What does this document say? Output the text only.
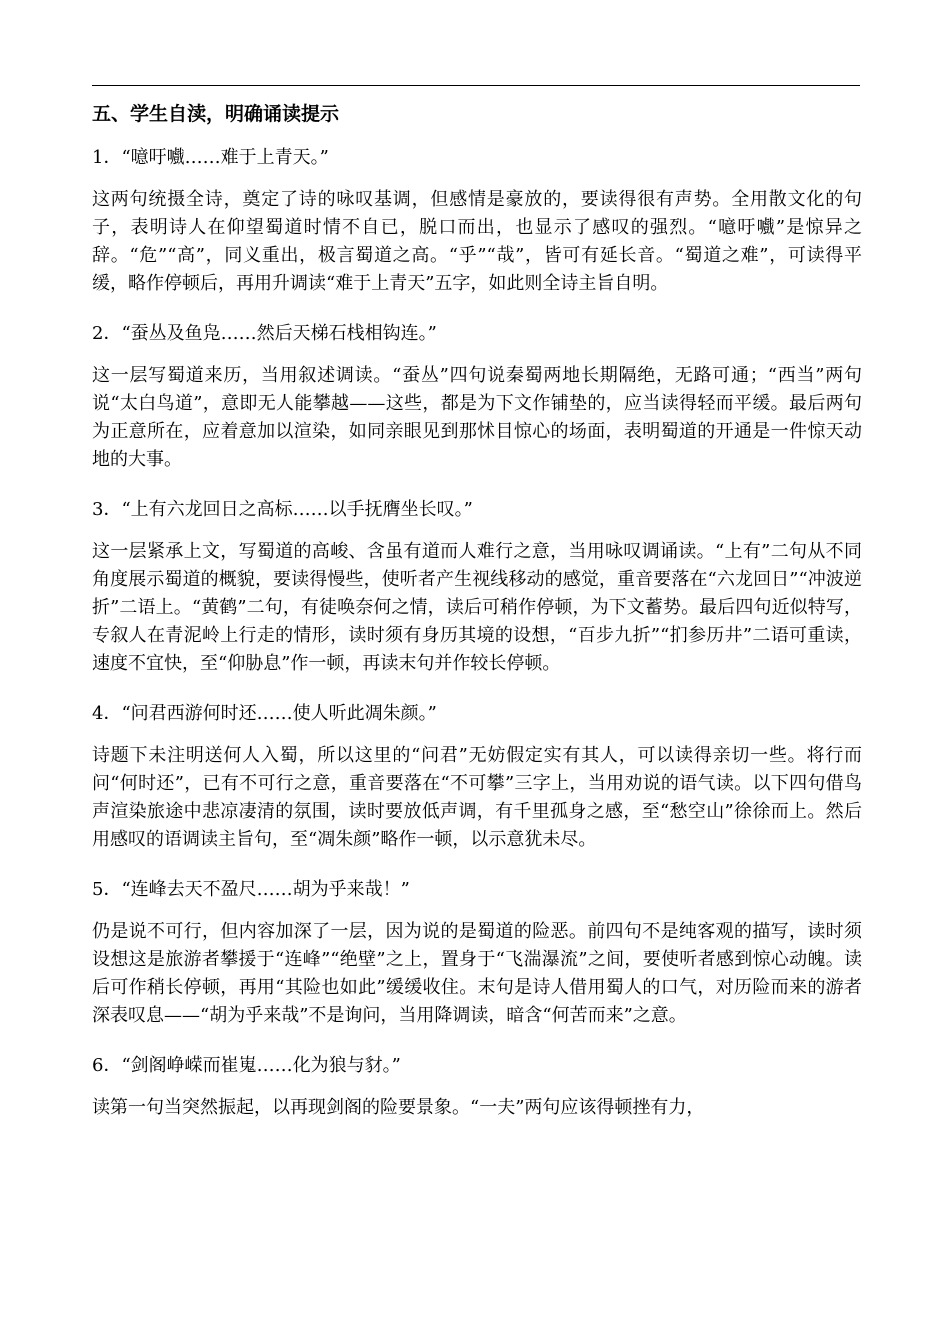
五、学生自渎，明确诵读提示
1．“噫吁嚱……难于上青天。”
这两句统摄全诗，奠定了诗的咏叹基调，但感情是豪放的，要读得很有声势。全用散文化的句子，表明诗人在仰望蜀道时情不自已，脱口而出，也显示了感叹的强烈。“噫吁嚱”是惊异之辞。“危”“高”，同义重出，极言蜀道之高。“乎”“哉”，皆可有延长音。“蜀道之难”，可读得平缓，略作停顿后，再用升调读“难于上青天”五字，如此则全诗主旨自明。
2．“蚕丛及鱼凫……然后天梯石栈相钩连。”
这一层写蜀道来历，当用叙述调读。“蚕丛”四句说秦蜀两地长期隔绝，无路可通；“西当”两句说“太白鸟道”，意即无人能攀越——这些，都是为下文作铺垫的，应当读得轻而平缓。最后两句为正意所在，应着意加以渲染，如同亲眼见到那怵目惊心的场面，表明蜀道的开通是一件惊天动地的大事。
3．“上有六龙回日之高标……以手抚膺坐长叹。”
这一层紧承上文，写蜀道的高峻、含虽有道而人难行之意，当用咏叹调诵读。“上有”二句从不同角度展示蜀道的概貌，要读得慢些，使听者产生视线移动的感觉，重音要落在“六龙回日”“冲波逆折”二语上。“黄鹤”二句，有徒唤奈何之情，读后可稍作停顿，为下文蓄势。最后四句近似特写，专叙人在青泥岭上行走的情形，读时须有身历其境的设想，“百步九折”“扪参历井”二语可重读，速度不宜快，至“仰胁息”作一顿，再读末句并作较长停顿。
4．“问君西游何时还……使人听此凋朱颜。”
诗题下未注明送何人入蜀，所以这里的“问君”无妨假定实有其人，可以读得亲切一些。将行而问“何时还”，已有不可行之意，重音要落在“不可攀”三字上，当用劝说的语气读。以下四句借鸟声渲染旅途中悲凉凄清的氛围，读时要放低声调，有千里孤身之感，至“愁空山”徐徐而上。然后用感叹的语调读主旨句，至“凋朱颜”略作一顿，以示意犹未尽。
5．“连峰去天不盈尺……胡为乎来哉！”
仍是说不可行，但内容加深了一层，因为说的是蜀道的险恶。前四句不是纯客观的描写，读时须设想这是旅游者攀援于“连峰”“绝壁”之上，置身于“飞湍瀑流”之间，要使听者感到惊心动魄。读后可作稍长停顿，再用“其险也如此”缓缓收住。末句是诗人借用蜀人的口气，对历险而来的游者深表叹息——“胡为乎来哉”不是询问，当用降调读，暗含“何苦而来”之意。
6．“剑阁峥嵘而崔嵬……化为狼与豺。”
读第一句当突然振起，以再现剑阁的险要景象。“一夫”两句应该得顿挫有力，
